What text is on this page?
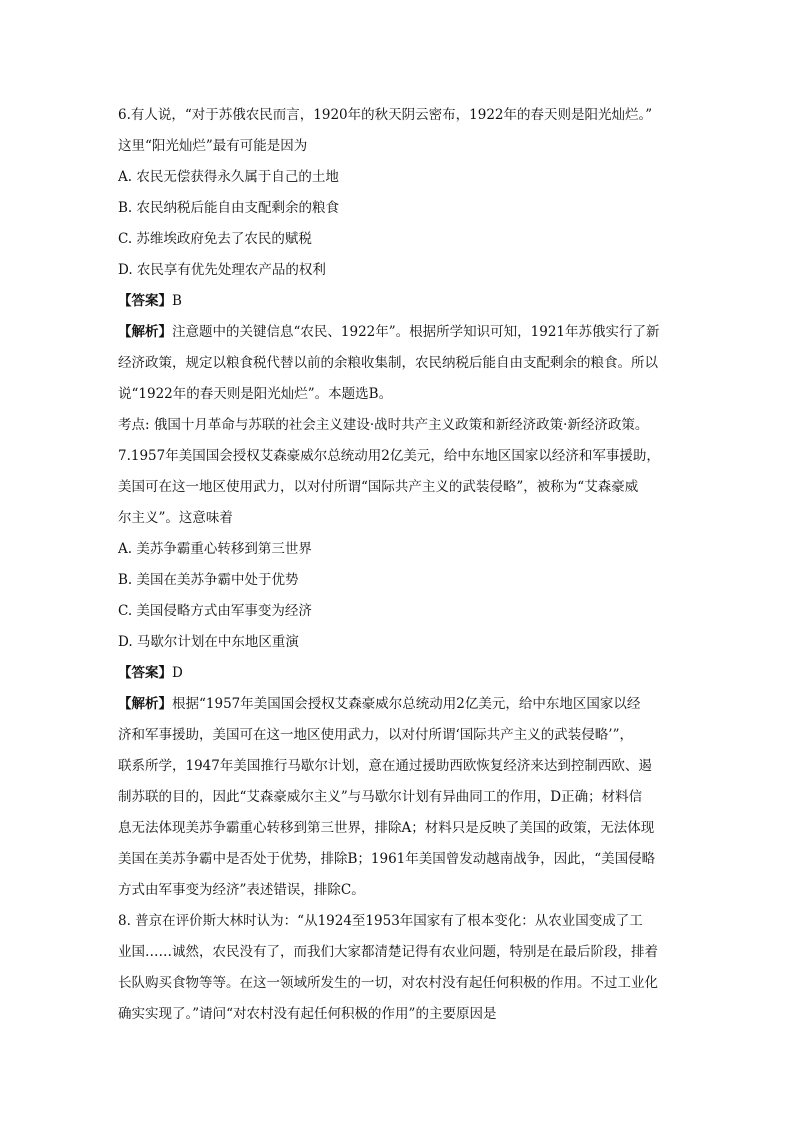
6.有人说，“对于苏俄农民而言，1920年的秋天阴云密布，1922年的春天则是阳光灿烂。”
这里“阳光灿烂”最有可能是因为
A. 农民无偿获得永久属于自己的土地
B. 农民纳税后能自由支配剩余的粮食
C. 苏维埃政府免去了农民的赋税
D. 农民享有优先处理农产品的权利
【答案】B
【解析】注意题中的关键信息“农民、1922年”。根据所学知识可知，1921年苏俄实行了新
经济政策，规定以粮食税代替以前的余粮收集制，农民纳税后能自由支配剩余的粮食。所以
说“1922年的春天则是阳光灿烂”。本题选B。
考点: 俄国十月革命与苏联的社会主义建设·战时共产主义政策和新经济政策·新经济政策。
7.1957年美国国会授权艾森豪威尔总统动用2亿美元，给中东地区国家以经济和军事援助，
美国可在这一地区使用武力，以对付所谓“国际共产主义的武装侵略”，被称为“艾森豪威
尔主义”。这意味着
A. 美苏争霸重心转移到第三世界
B. 美国在美苏争霸中处于优势
C. 美国侵略方式由军事变为经济
D. 马歇尔计划在中东地区重演
【答案】D
【解析】根据“1957年美国国会授权艾森豪威尔总统动用2亿美元，给中东地区国家以经
济和军事援助，美国可在这一地区使用武力，以对付所谓‘国际共产主义的武装侵略’”，
联系所学，1947年美国推行马歇尔计划，意在通过援助西欧恢复经济来达到控制西欧、遏
制苏联的目的，因此“艾森豪威尔主义”与马歇尔计划有异曲同工的作用，D正确；材料信
息无法体现美苏争霸重心转移到第三世界，排除A；材料只是反映了美国的政策，无法体现
美国在美苏争霸中是否处于优势，排除B；1961年美国曾发动越南战争，因此，“美国侵略
方式由军事变为经济”表述错误，排除C。
8. 普京在评价斯大林时认为：“从1924至1953年国家有了根本变化：从农业国变成了工
业国……诚然，农民没有了，而我们大家都清楚记得有农业问题，特别是在最后阶段，排着
长队购买食物等等。在这一领域所发生的一切，对农村没有起任何积极的作用。不过工业化
确实实现了。”请问“对农村没有起任何积极的作用”的主要原因是
